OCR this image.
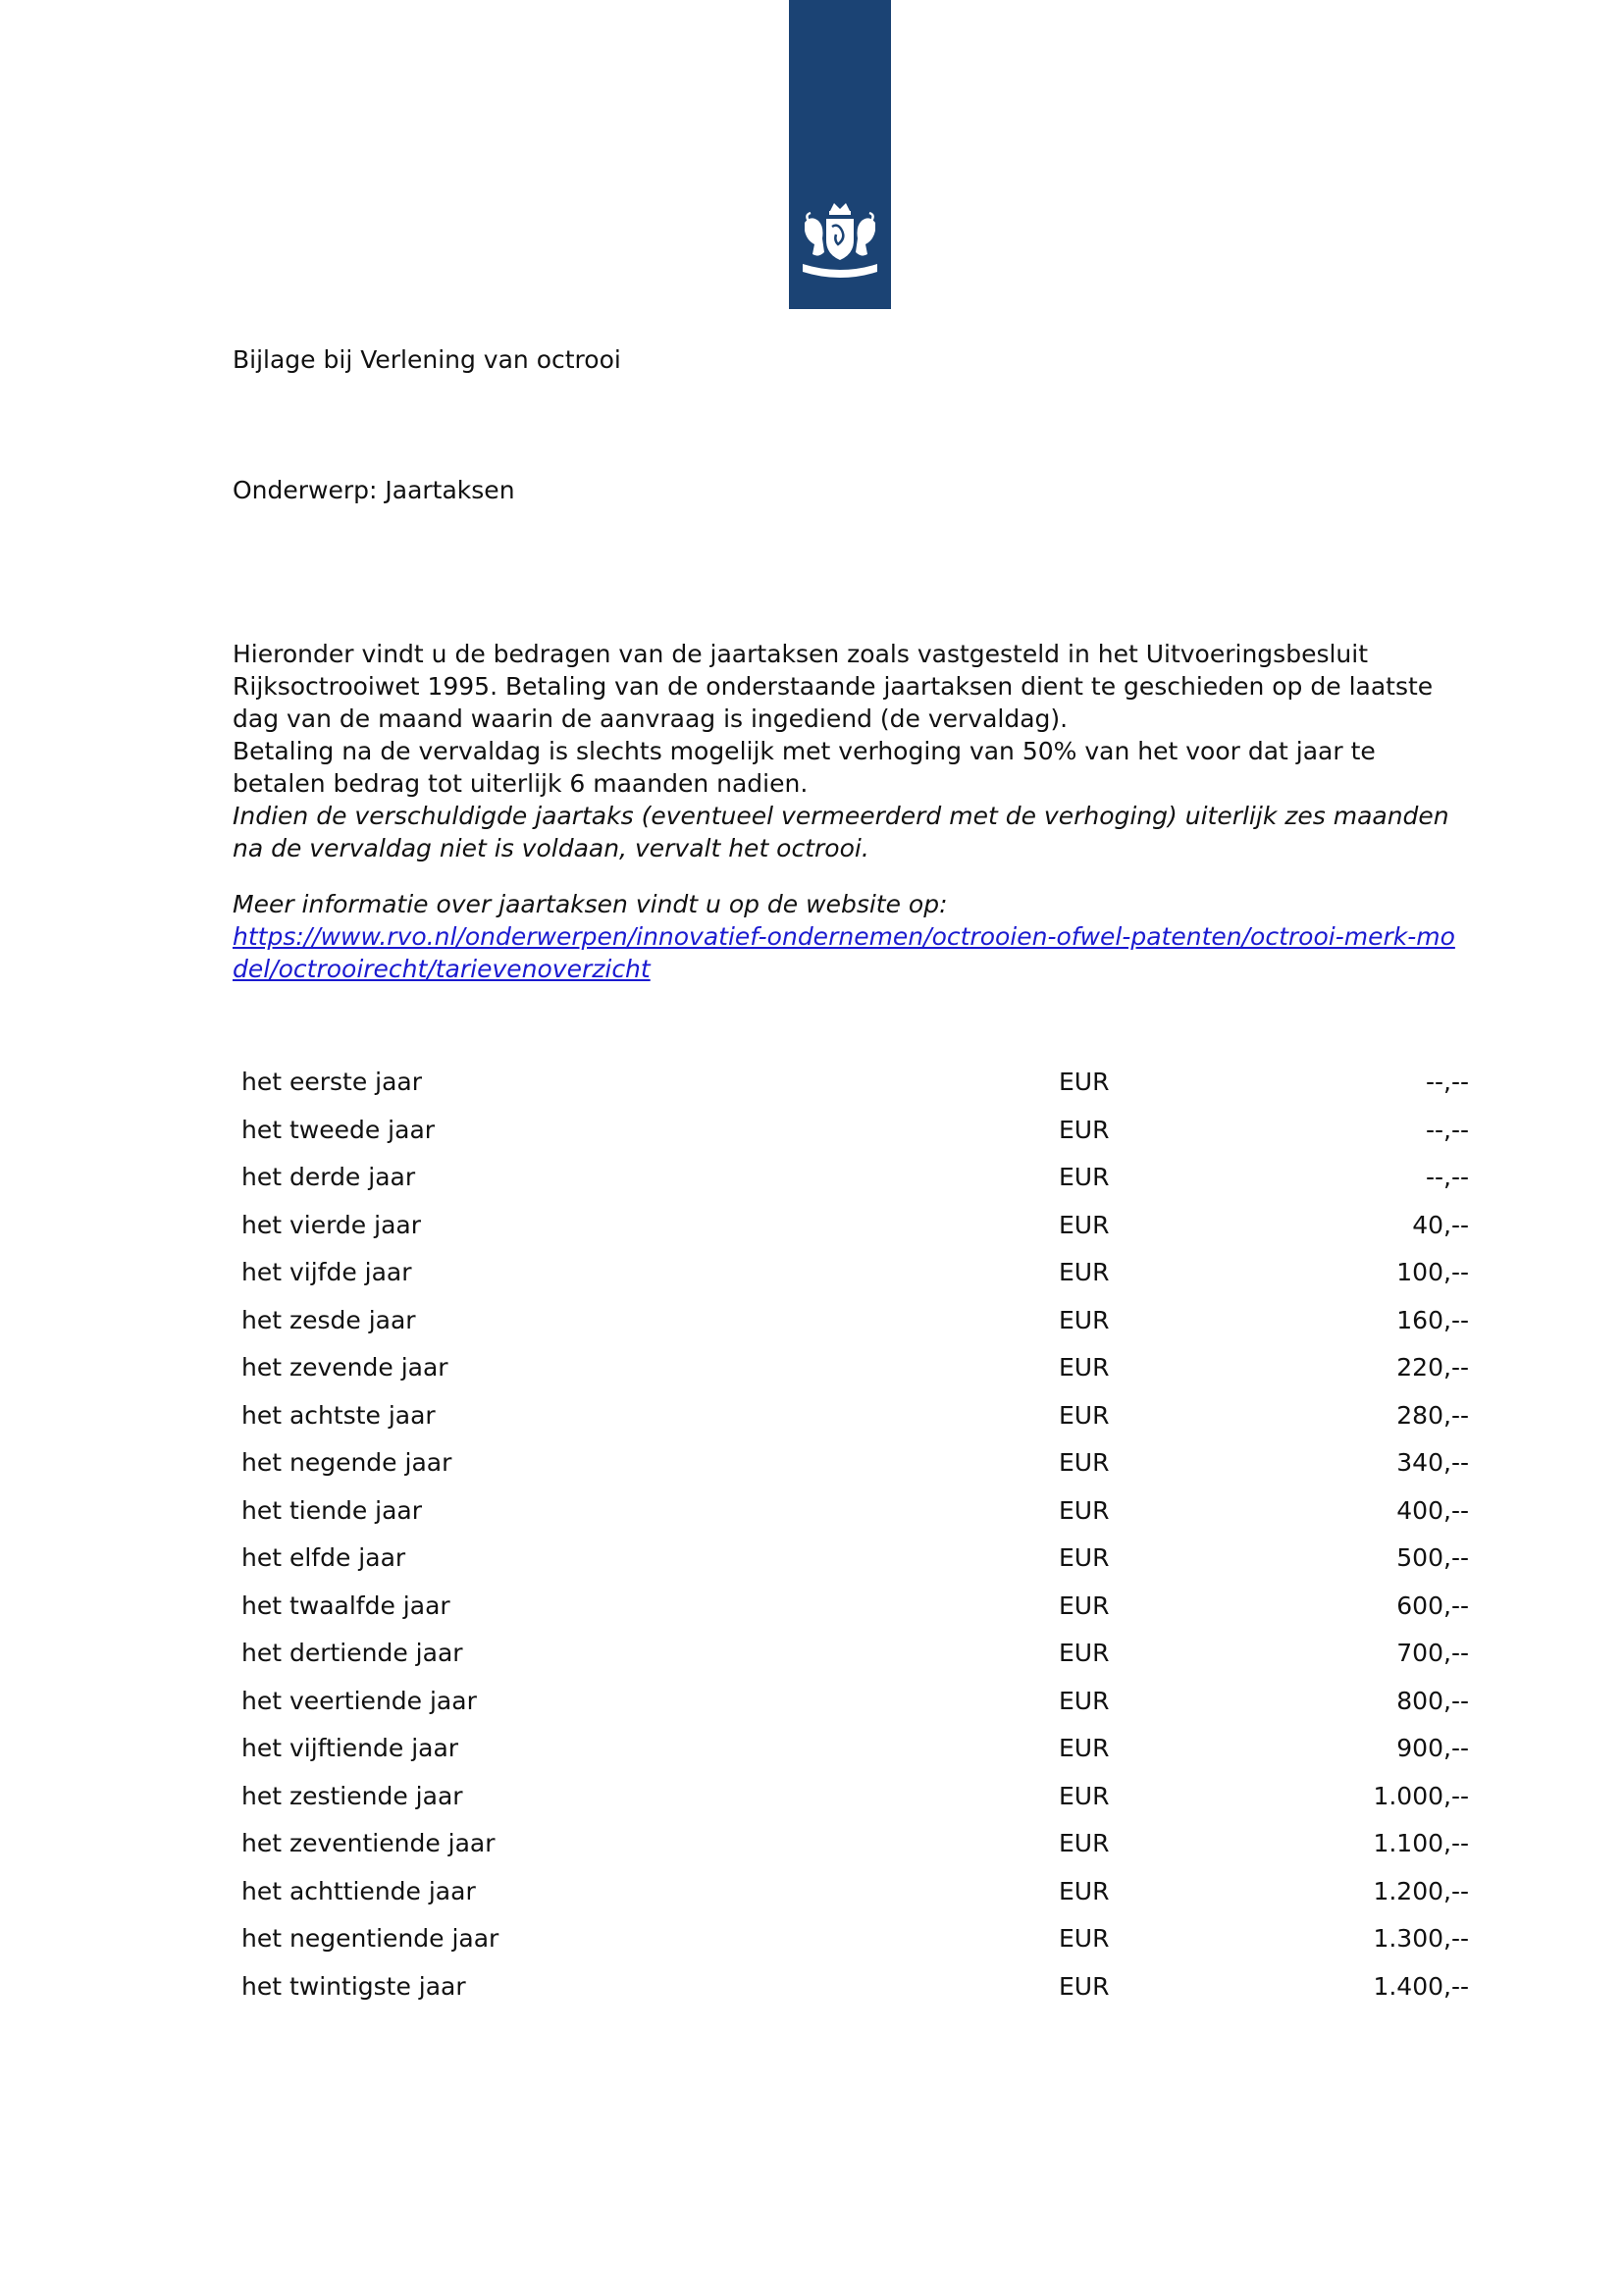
Bijlage bij Verlening van octrooi
Onderwerp: Jaartaksen

Hieronder vindt u de bedragen van de jaartaksen zoals vastgesteld in het Uitvoeringsbesluit Rijksoctrooiwet 1995. Betaling van de onderstaande jaartaksen dient te geschieden op de laatste dag van de maand waarin de aanvraag is ingediend (de vervaldag).

Betaling na de vervaldag is slechts mogelijk met verhoging van 50% van het voor dat jaar te betalen bedrag tot uiterlijk 6 maanden nadien.

Indien de verschuldigde jaartaks (eventueel vermeerderd met de verhoging) uiterlijk zes maanden na de vervaldag niet is voldaan, vervalt het octrooi.

Meer informatie over jaartaksen vindt u op de website op:

https://www.rvo.nl/onderwerpen/innovatief-ondernemen/octrooien-ofwel-patenten/octrooi-merk-model/octrooirecht/tarievenoverzicht

het eerste jaar	EUR	--,--
het tweede jaar	EUR	--,--
het derde jaar	EUR	--,--
het vierde jaar	EUR	40,--
het vijfde jaar	EUR	100,--
het zesde jaar	EUR	160,--
het zevende jaar	EUR	220,--
het achtste jaar	EUR	280,--
het negende jaar	EUR	340,--
het tiende jaar	EUR	400,--
het elfde jaar	EUR	500,--
het twaalfde jaar	EUR	600,--
het dertiende jaar	EUR	700,--
het veertiende jaar	EUR	800,--
het vijftiende jaar	EUR	900,--
het zestiende jaar	EUR	1.000,--
het zeventiende jaar	EUR	1.100,--
het achttiende jaar	EUR	1.200,--
het negentiende jaar	EUR	1.300,--
het twintigste jaar	EUR	1.400,--
